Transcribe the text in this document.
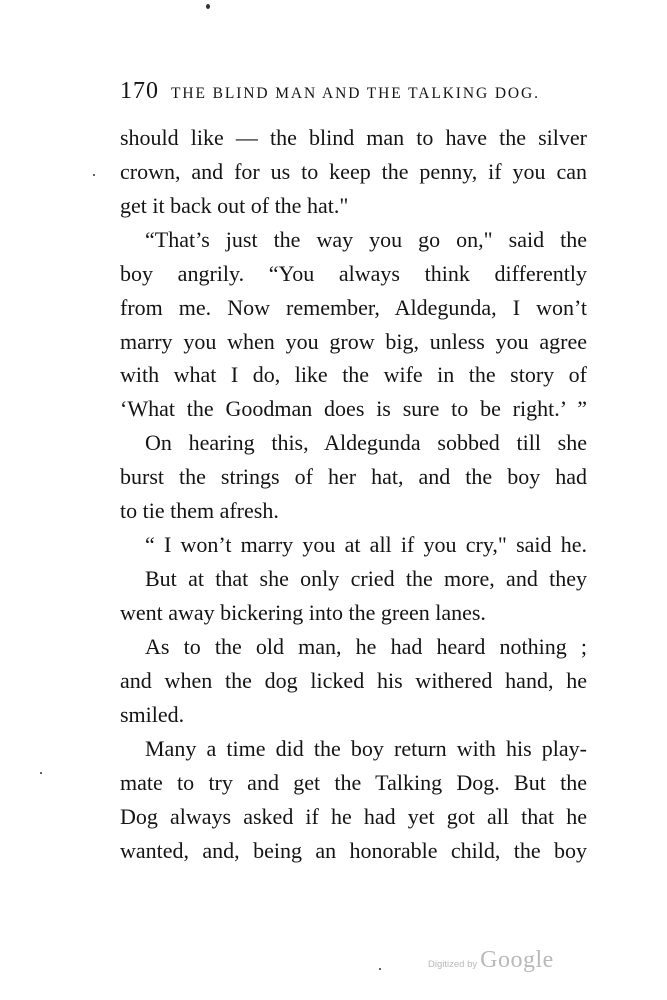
170 THE BLIND MAN AND THE TALKING DOG.
should like — the blind man to have the silver
crown, and for us to keep the penny, if you can
get it back out of the hat."
“That’s just the way you go on," said the
boy angrily. “You always think differently
from me. Now remember, Aldegunda, I won’t
marry you when you grow big, unless you agree
with what I do, like the wife in the story of
‘What the Goodman does is sure to be right.’ ”
On hearing this, Aldegunda sobbed till she
burst the strings of her hat, and the boy had
to tie them afresh.
“ I won’t marry you at all if you cry," said he.
But at that she only cried the more, and they
went away bickering into the green lanes.
As to the old man, he had heard nothing ;
and when the dog licked his withered hand, he
smiled.
Many a time did the boy return with his play-
mate to try and get the Talking Dog. But the
Dog always asked if he had yet got all that he
wanted, and, being an honorable child, the boy
Digitized by Google
